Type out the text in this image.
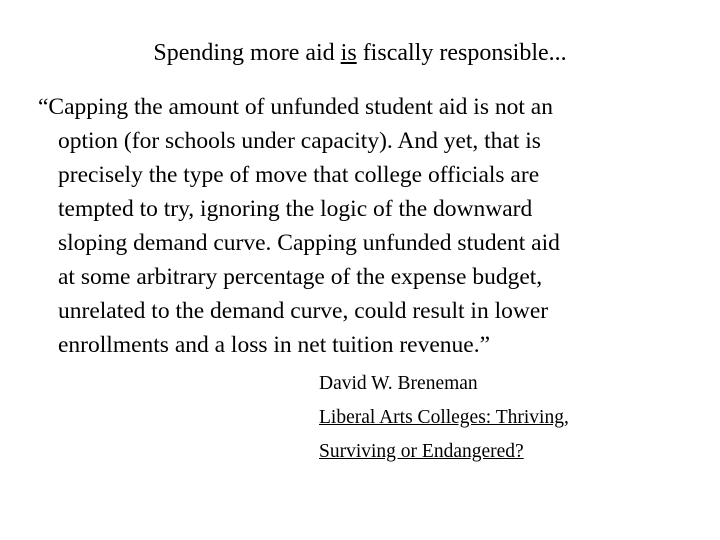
Spending more aid is fiscally responsible...
“Capping the amount of unfunded student aid is not an
option (for schools under capacity). And yet, that is
precisely the type of move that college officials are
tempted to try, ignoring the logic of the downward
sloping demand curve. Capping unfunded student aid
at some arbitrary percentage of the expense budget,
unrelated to the demand curve, could result in lower
enrollments and a loss in net tuition revenue.”
David W. Breneman
Liberal Arts Colleges: Thriving,
Surviving or Endangered?
